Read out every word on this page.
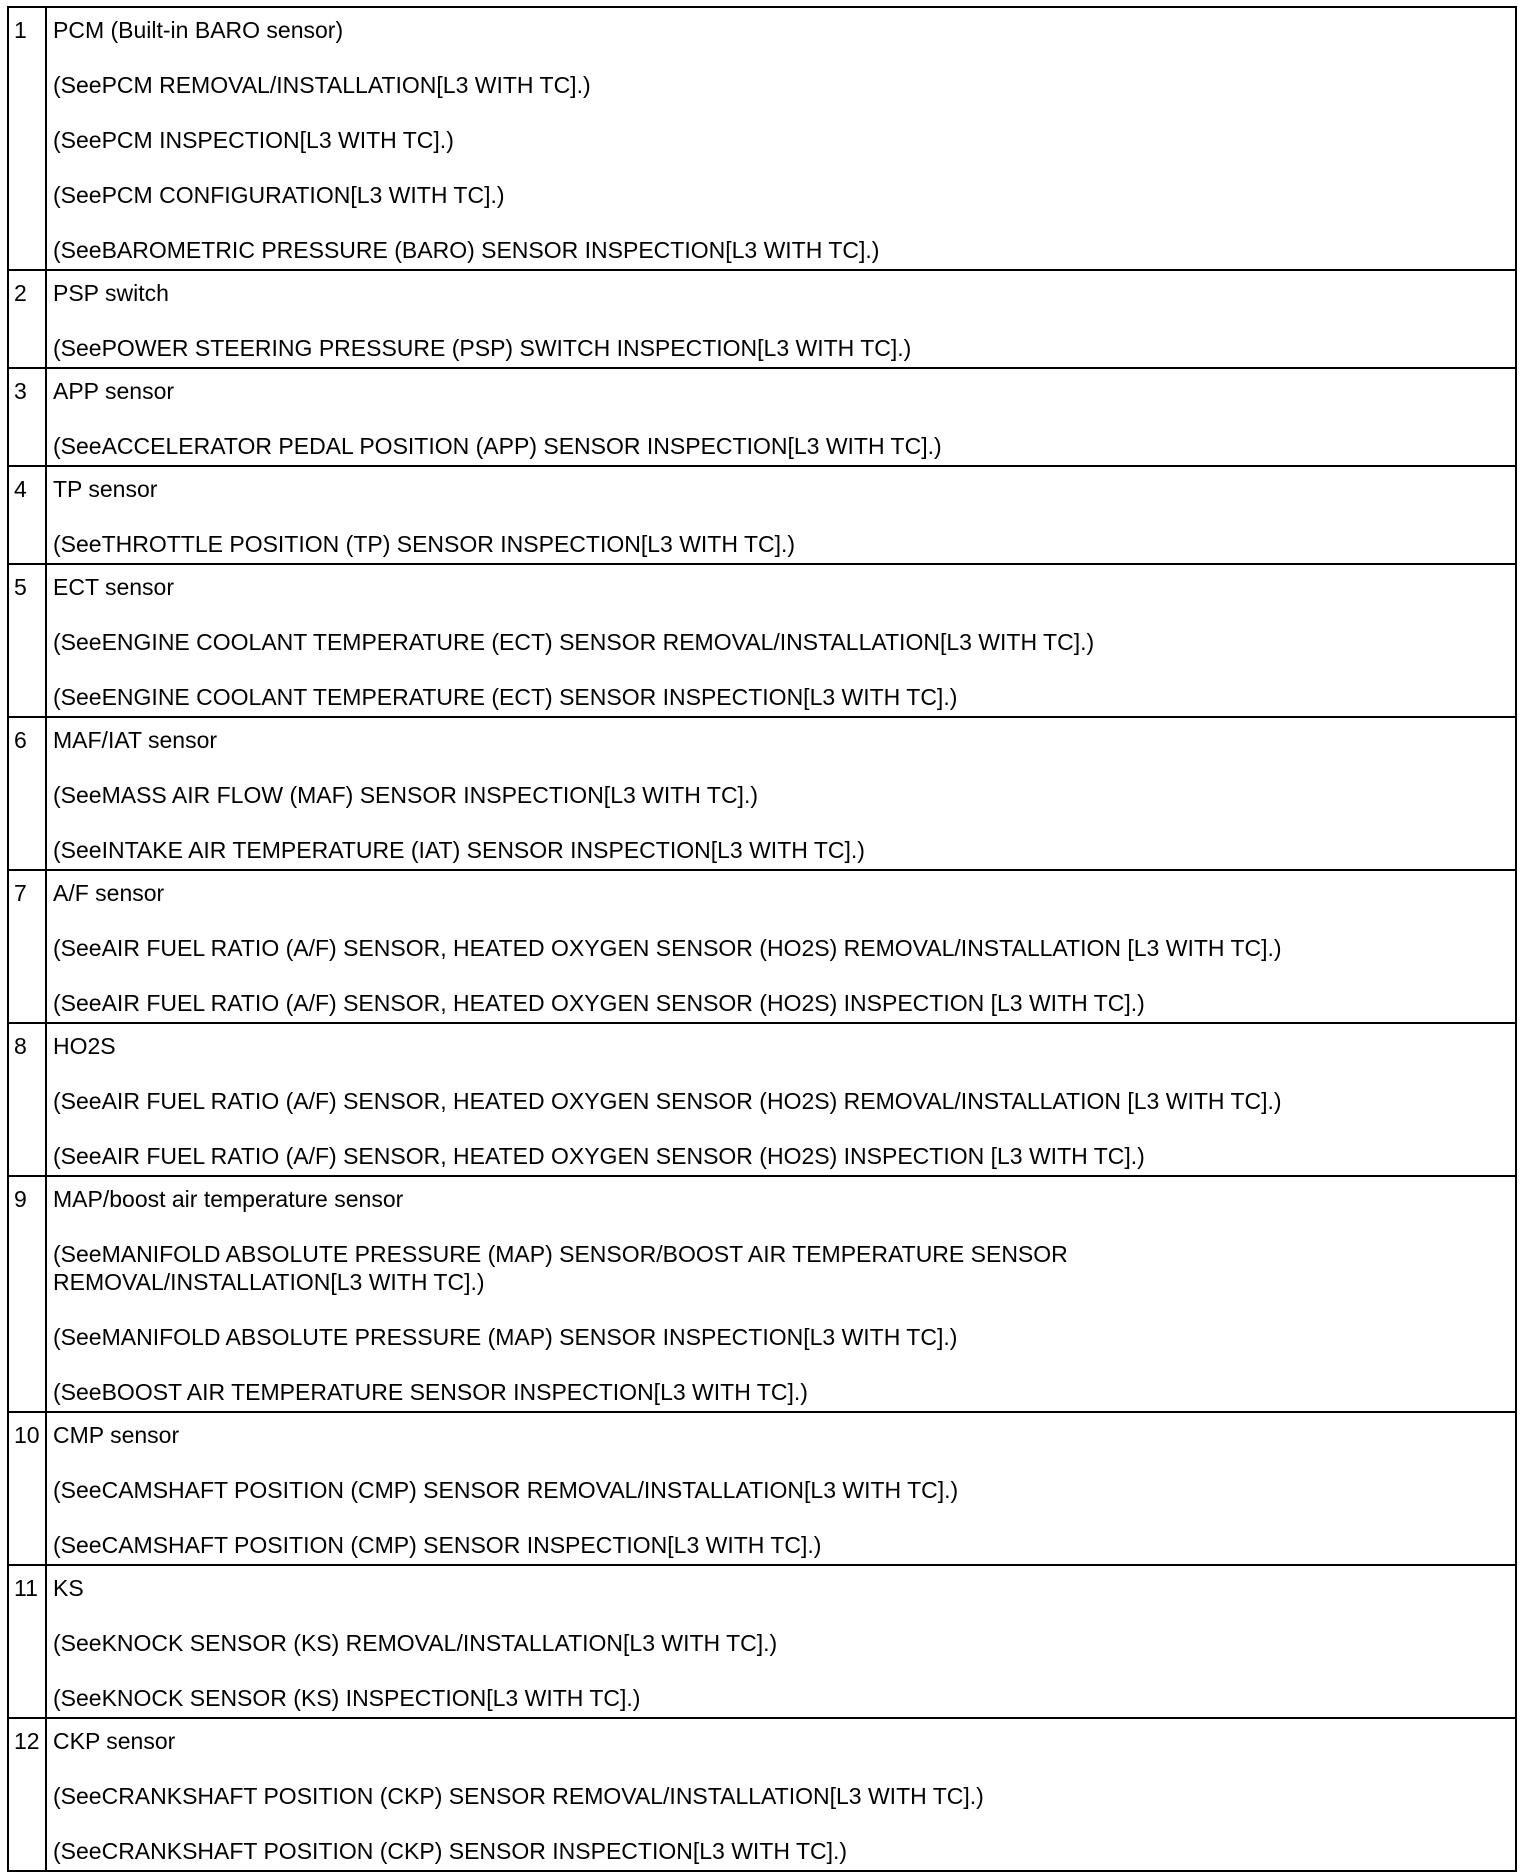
1	PCM (Built-in BARO sensor)
(SeePCM REMOVAL/INSTALLATION[L3 WITH TC].)
(SeePCM INSPECTION[L3 WITH TC].)
(SeePCM CONFIGURATION[L3 WITH TC].)
(SeeBAROMETRIC PRESSURE (BARO) SENSOR INSPECTION[L3 WITH TC].)

2	PSP switch
(SeePOWER STEERING PRESSURE (PSP) SWITCH INSPECTION[L3 WITH TC].)

3	APP sensor
(SeeACCELERATOR PEDAL POSITION (APP) SENSOR INSPECTION[L3 WITH TC].)

4	TP sensor
(SeeTHROTTLE POSITION (TP) SENSOR INSPECTION[L3 WITH TC].)

5	ECT sensor
(SeeENGINE COOLANT TEMPERATURE (ECT) SENSOR REMOVAL/INSTALLATION[L3 WITH TC].)
(SeeENGINE COOLANT TEMPERATURE (ECT) SENSOR INSPECTION[L3 WITH TC].)

6	MAF/IAT sensor
(SeeMASS AIR FLOW (MAF) SENSOR INSPECTION[L3 WITH TC].)
(SeeINTAKE AIR TEMPERATURE (IAT) SENSOR INSPECTION[L3 WITH TC].)

7	A/F sensor
(SeeAIR FUEL RATIO (A/F) SENSOR, HEATED OXYGEN SENSOR (HO2S) REMOVAL/INSTALLATION [L3 WITH TC].)
(SeeAIR FUEL RATIO (A/F) SENSOR, HEATED OXYGEN SENSOR (HO2S) INSPECTION [L3 WITH TC].)

8	HO2S
(SeeAIR FUEL RATIO (A/F) SENSOR, HEATED OXYGEN SENSOR (HO2S) REMOVAL/INSTALLATION [L3 WITH TC].)
(SeeAIR FUEL RATIO (A/F) SENSOR, HEATED OXYGEN SENSOR (HO2S) INSPECTION [L3 WITH TC].)

9	MAP/boost air temperature sensor
(SeeMANIFOLD ABSOLUTE PRESSURE (MAP) SENSOR/BOOST AIR TEMPERATURE SENSOR
REMOVAL/INSTALLATION[L3 WITH TC].)
(SeeMANIFOLD ABSOLUTE PRESSURE (MAP) SENSOR INSPECTION[L3 WITH TC].)
(SeeBOOST AIR TEMPERATURE SENSOR INSPECTION[L3 WITH TC].)

10	CMP sensor
(SeeCAMSHAFT POSITION (CMP) SENSOR REMOVAL/INSTALLATION[L3 WITH TC].)
(SeeCAMSHAFT POSITION (CMP) SENSOR INSPECTION[L3 WITH TC].)

11	KS
(SeeKNOCK SENSOR (KS) REMOVAL/INSTALLATION[L3 WITH TC].)
(SeeKNOCK SENSOR (KS) INSPECTION[L3 WITH TC].)

12	CKP sensor
(SeeCRANKSHAFT POSITION (CKP) SENSOR REMOVAL/INSTALLATION[L3 WITH TC].)
(SeeCRANKSHAFT POSITION (CKP) SENSOR INSPECTION[L3 WITH TC].)
